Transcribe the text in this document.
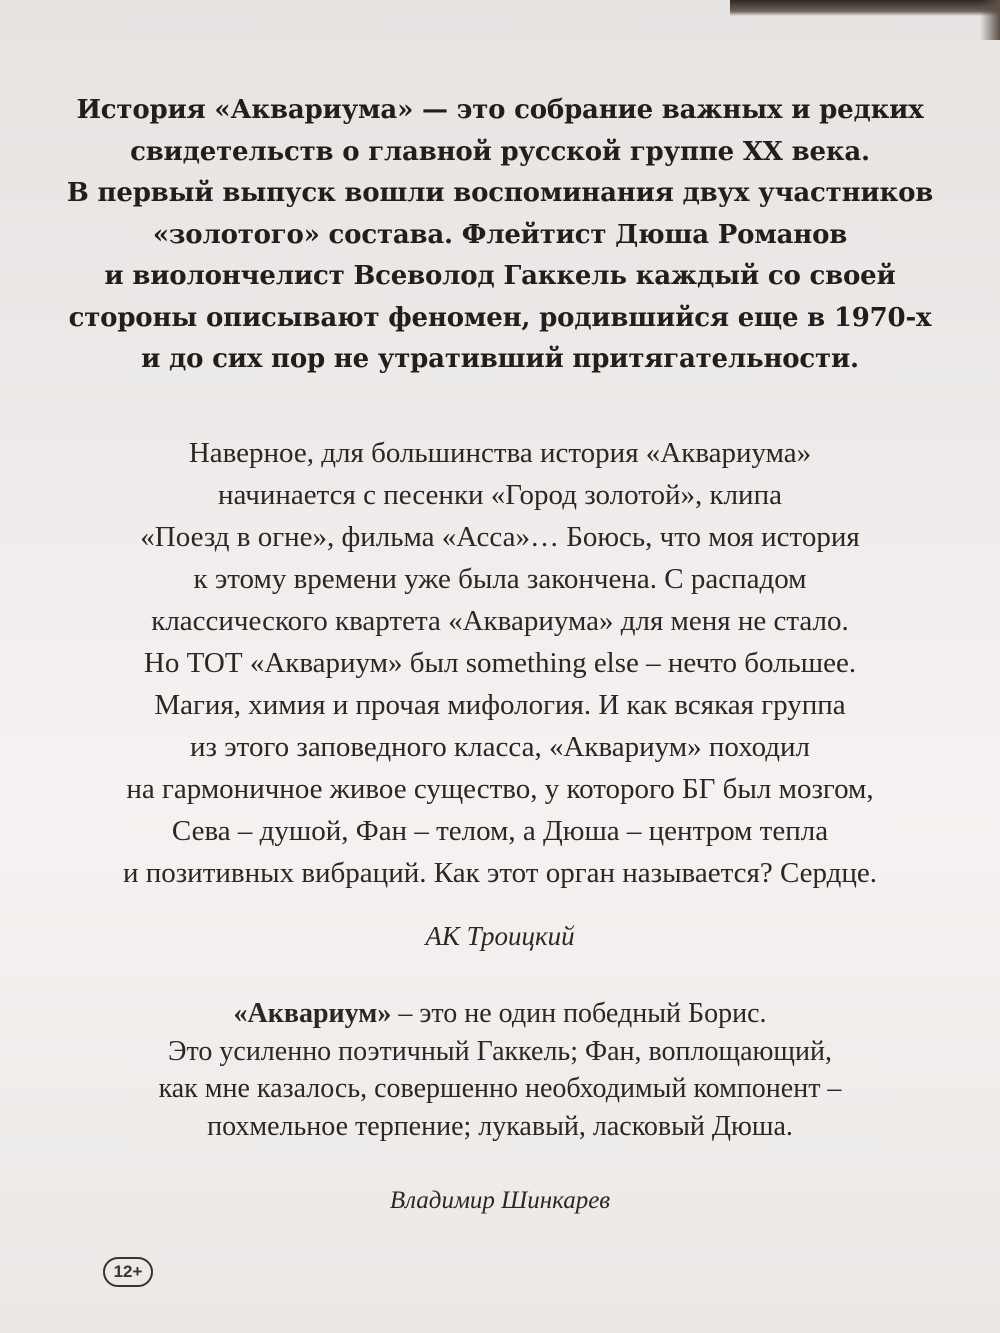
История «Аквариума» — это собрание важных и редких
свидетельств о главной русской группе XX века.
В первый выпуск вошли воспоминания двух участников
«золотого» состава. Флейтист Дюша Романов
и виолончелист Всеволод Гаккель каждый со своей
стороны описывают феномен, родившийся еще в 1970-х
и до сих пор не утративший притягательности.
Наверное, для большинства история «Аквариума»
начинается с песенки «Город золотой», клипа
«Поезд в огне», фильма «Асса»… Боюсь, что моя история
к этому времени уже была закончена. С распадом
классического квартета «Аквариума» для меня не стало.
Но ТОТ «Аквариум» был something else – нечто большее.
Магия, химия и прочая мифология. И как всякая группа
из этого заповедного класса, «Аквариум» походил
на гармоничное живое существо, у которого БГ был мозгом,
Сева – душой, Фан – телом, а Дюша – центром тепла
и позитивных вибраций. Как этот орган называется? Сердце.
АК Троицкий
«Аквариум» – это не один победный Борис.
Это усиленно поэтичный Гаккель; Фан, воплощающий,
как мне казалось, совершенно необходимый компонент –
похмельное терпение; лукавый, ласковый Дюша.
Владимир Шинкарев
12+
